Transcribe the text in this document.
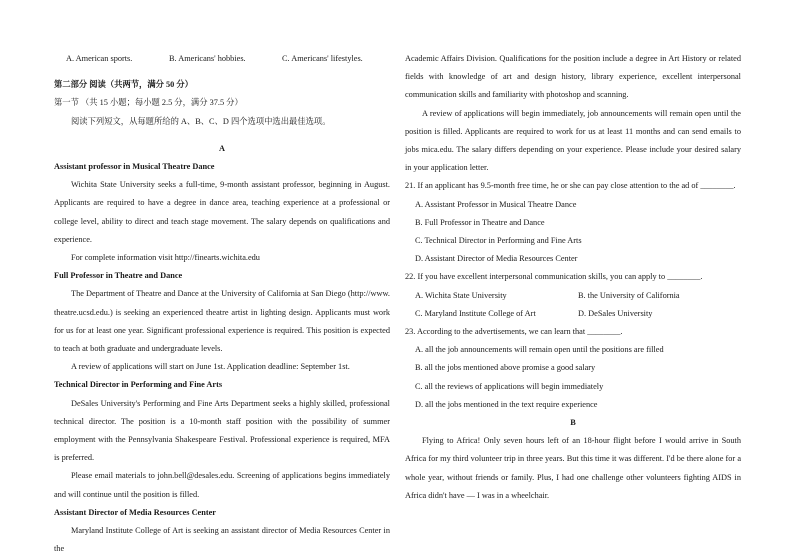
A. American sports.	B. Americans' hobbies.	C. Americans' lifestyles.

第二部分 阅读（共两节，满分 50 分）

第一节 （共 15 小题；每小题 2.5 分，满分 37.5 分）

阅读下列短文，从每题所给的 A、B、C、D 四个选项中选出最佳选项。

A

Assistant professor in Musical Theatre Dance

Wichita State University seeks a full-time, 9-month assistant professor, beginning in August. Applicants are required to have a degree in dance area, teaching experience at a professional or college level, ability to direct and teach stage movement. The salary depends on qualifications and experience.

For complete information visit http://finearts.wichita.edu

Full Professor in Theatre and Dance

The Department of Theatre and Dance at the University of California at San Diego (http://www. theatre.ucsd.edu.) is seeking an experienced theatre artist in lighting design. Applicants must work for us for at least one year. Significant professional experience is required. This position is expected to teach at both graduate and undergraduate levels.

A review of applications will start on June 1st. Application deadline: September 1st.

Technical Director in Performing and Fine Arts

DeSales University's Performing and Fine Arts Department seeks a highly skilled, professional technical director. The position is a 10-month staff position with the possibility of summer employment with the Pennsylvania Shakespeare Festival. Professional experience is required, MFA is preferred.

Please email materials to john.bell@desales.edu. Screening of applications begins immediately and will continue until the position is filled.

Assistant Director of Media Resources Center

Maryland Institute College of Art is seeking an assistant director of Media Resources Center in the

Academic Affairs Division. Qualifications for the position include a degree in Art History or related fields with knowledge of art and design history, library experience, excellent interpersonal communication skills and familiarity with photoshop and scanning.

A review of applications will begin immediately, job announcements will remain open until the position is filled. Applicants are required to work for us at least 11 months and can send emails to jobs mica.edu. The salary differs depending on your experience. Please include your desired salary in your application letter.

21. If an applicant has 9.5-month free time, he or she can pay close attention to the ad of ________.

A. Assistant Professor in Musical Theatre Dance

B. Full Professor in Theatre and Dance

C. Technical Director in Performing and Fine Arts

D. Assistant Director of Media Resources Center

22. If you have excellent interpersonal communication skills, you can apply to ________.

A. Wichita State University	B. the University of California
C. Maryland Institute College of Art	D. DeSales University

23. According to the advertisements, we can learn that ________.

A. all the job announcements will remain open until the positions are filled

B. all the jobs mentioned above promise a good salary

C. all the reviews of applications will begin immediately

D. all the jobs mentioned in the text require experience

B

Flying to Africa! Only seven hours left of an 18-hour flight before I would arrive in South Africa for my third volunteer trip in three years. But this time it was different. I'd be there alone for a whole year, without friends or family. Plus, I had one challenge other volunteers fighting AIDS in Africa didn't have — I was in a wheelchair.
